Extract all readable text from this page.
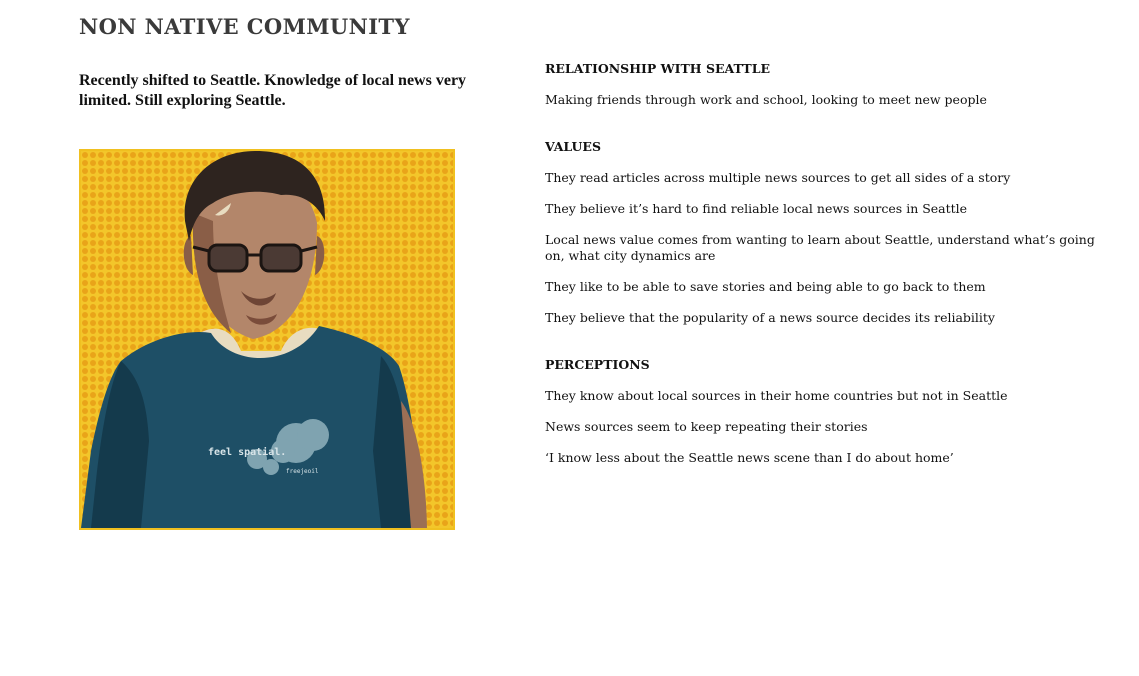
NON NATIVE COMMUNITY

Recently shifted to Seattle. Knowledge of local news very limited. Still exploring Seattle.

feel spatial.
freejeoil
RELATIONSHIP WITH SEATTLE

Making friends through work and school, looking to meet new people

VALUES

They read articles across multiple news sources to get all sides of a story

They believe it’s hard to find reliable local news sources in Seattle

Local news value comes from wanting to learn about Seattle, understand what’s going on, what city dynamics are

They like to be able to save stories and being able to go back to them

They believe that the popularity of a news source decides its reliability

PERCEPTIONS

They know about local sources in their home countries but not in Seattle

News sources seem to keep repeating their stories

‘I know less about the Seattle news scene than I do about home’
